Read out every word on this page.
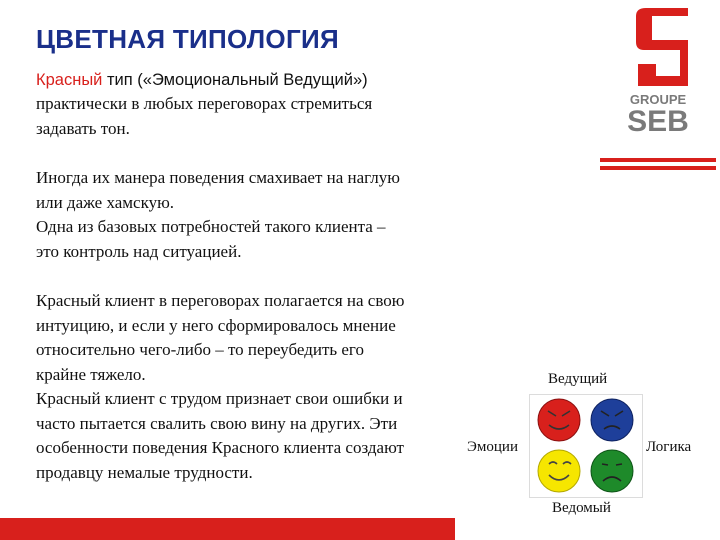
ЦВЕТНАЯ ТИПОЛОГИЯ
Красный тип («Эмоциональный Ведущий»)

практически в любых переговорах стремиться
задавать тон.

Иногда их манера поведения смахивает на наглую
или даже хамскую.
Одна из базовых потребностей такого клиента –
это контроль над ситуацией.

Красный клиент в переговорах полагается на свою
интуицию, и если у него сформировалось мнение
относительно чего-либо – то переубедить его
крайне тяжело.
Красный клиент с трудом признает свои ошибки и
часто пытается свалить свою вину на других. Эти
особенности поведения Красного клиента создают
продавцу немалые трудности.

GROUPE
SEB
Ведущий
Эмоции	Логика
Ведомый
